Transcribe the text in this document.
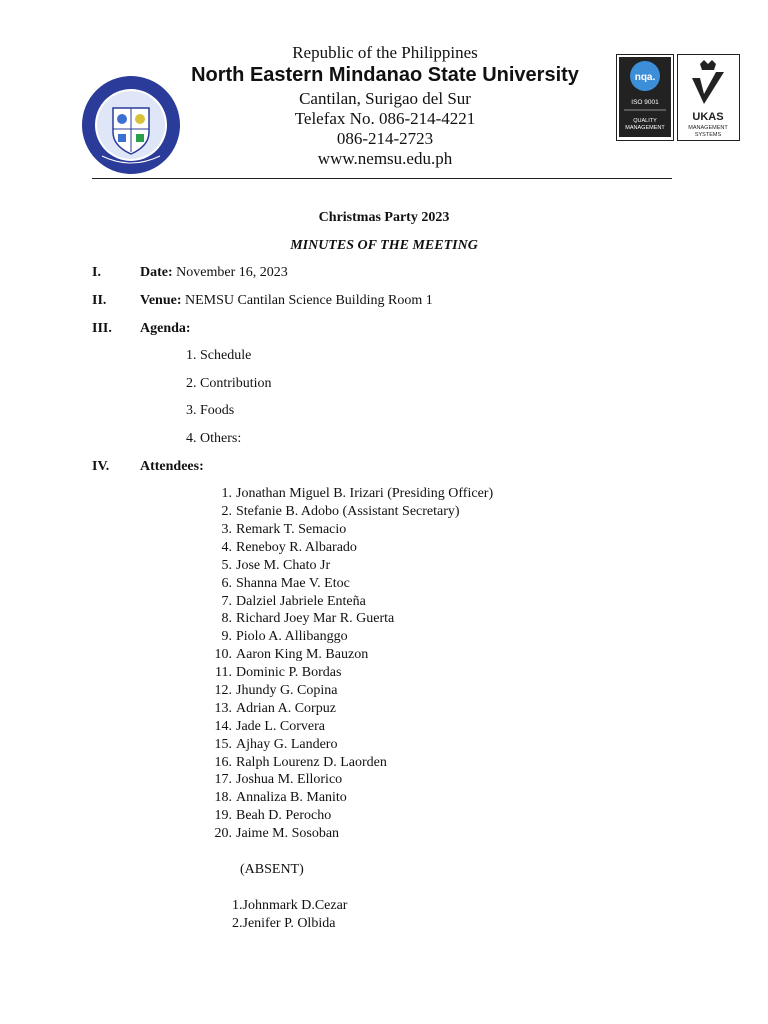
nqa.
ISO 9001
QUALITY
MANAGEMENT
UKAS
MANAGEMENT
SYSTEMS
Republic of the Philippines
North Eastern Mindanao State University
Cantilan, Surigao del Sur
Telefax No. 086-214-4221
086-214-2723
www.nemsu.edu.ph
Christmas Party 2023
MINUTES OF THE MEETING
I.	Date: November 16, 2023
II. Venue: NEMSU Cantilan Science Building Room 1
III. Agenda:
1. Schedule
2. Contribution
3. Foods
4. Others:
IV. Attendees:
1. Jonathan Miguel B. Irizari (Presiding Officer)
2. Stefanie B. Adobo (Assistant Secretary)
3. Remark T. Semacio
4. Reneboy R. Albarado
5. Jose M. Chato Jr
6. Shanna Mae V. Etoc
7. Dalziel Jabriele Enteña
8. Richard Joey Mar R. Guerta
9. Piolo A. Allibanggo
10. Aaron King M. Bauzon
11. Dominic P. Bordas
12. Jhundy G. Copina
13. Adrian A. Corpuz
14. Jade L. Corvera
15. Ajhay G. Landero
16. Ralph Lourenz D. Laorden
17. Joshua M. Ellorico
18. Annaliza B. Manito
19. Beah D. Perocho
20. Jaime M. Sosoban
(ABSENT)
1.Johnmark D.Cezar
2.Jenifer P. Olbida
